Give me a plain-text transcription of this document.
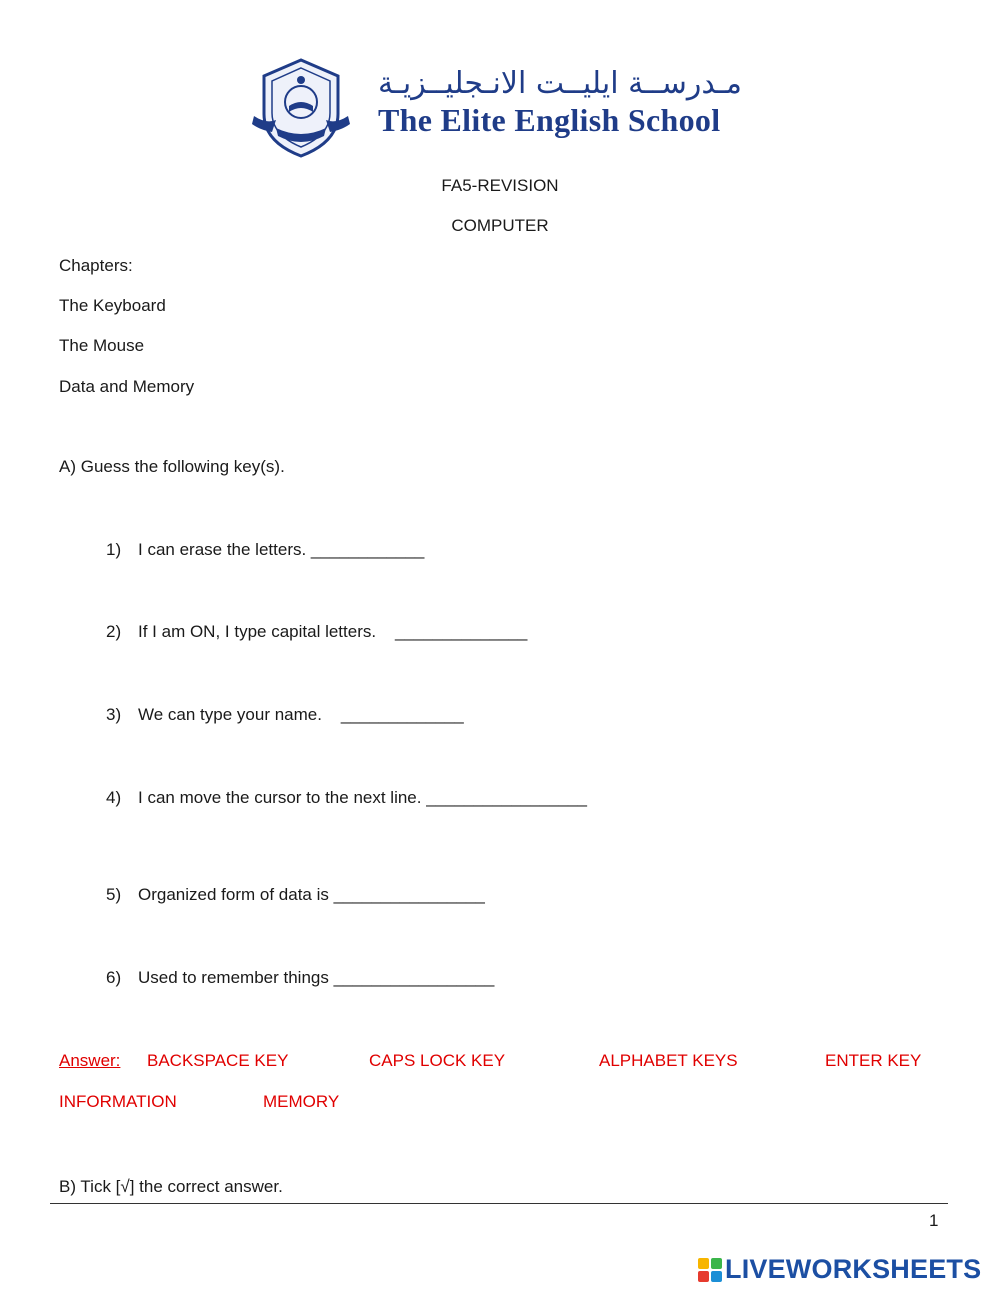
مـدرســة ايليــت الانـجليــزيـة
The Elite English School
FA5-REVISION
COMPUTER
Chapters:
The Keyboard
The Mouse
Data and Memory
A) Guess the following key(s).
1) I can erase the letters. ____________
2) If I am ON, I type capital letters.    ______________
3) We can type your name.    _____________
4) I can move the cursor to the next line. _________________
5) Organized form of data is ________________
6) Used to remember things _________________
Answer: BACKSPACE KEY	CAPS LOCK KEY	ALPHABET KEYS	ENTER KEY
INFORMATION	MEMORY
B) Tick [√] the correct answer.
1
LIVEWORKSHEETS
